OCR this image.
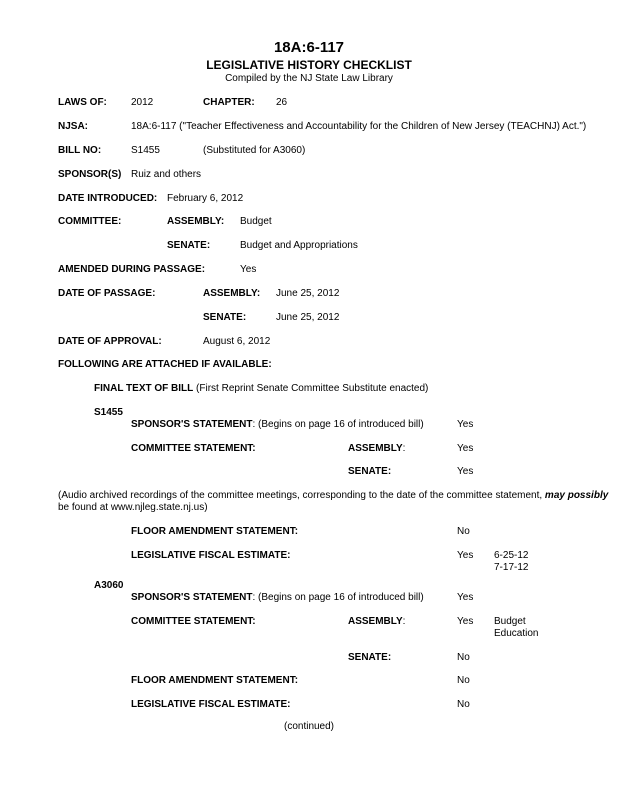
18A:6-117
LEGISLATIVE HISTORY CHECKLIST
Compiled by the NJ State Law Library
LAWS OF: 2012	CHAPTER: 26
NJSA:	18A:6-117 ("Teacher Effectiveness and Accountability for the Children of New Jersey (TEACHNJ) Act.")
BILL NO:	S1455	(Substituted for A3060)
SPONSOR(S) Ruiz and others
DATE INTRODUCED: February 6, 2012
COMMITTEE:	ASSEMBLY: Budget
SENATE:	Budget and Appropriations
AMENDED DURING PASSAGE:	Yes
DATE OF PASSAGE:	ASSEMBLY: June 25, 2012
SENATE:	June 25, 2012
DATE OF APPROVAL:	August 6, 2012
FOLLOWING ARE ATTACHED IF AVAILABLE:
FINAL TEXT OF BILL (First Reprint Senate Committee Substitute enacted)
S1455
SPONSOR'S STATEMENT: (Begins on page 16 of introduced bill)	Yes
COMMITTEE STATEMENT:	ASSEMBLY:	Yes
SENATE:	Yes
(Audio archived recordings of the committee meetings, corresponding to the date of the committee statement, may possibly
be found at www.njleg.state.nj.us)
FLOOR AMENDMENT STATEMENT:	No
LEGISLATIVE FISCAL ESTIMATE:	Yes 6-25-12
7-17-12
A3060
SPONSOR'S STATEMENT: (Begins on page 16 of introduced bill)	Yes
COMMITTEE STATEMENT:	ASSEMBLY:	Yes Budget
Education
SENATE:	No
FLOOR AMENDMENT STATEMENT:	No
LEGISLATIVE FISCAL ESTIMATE:	No
(continued)
